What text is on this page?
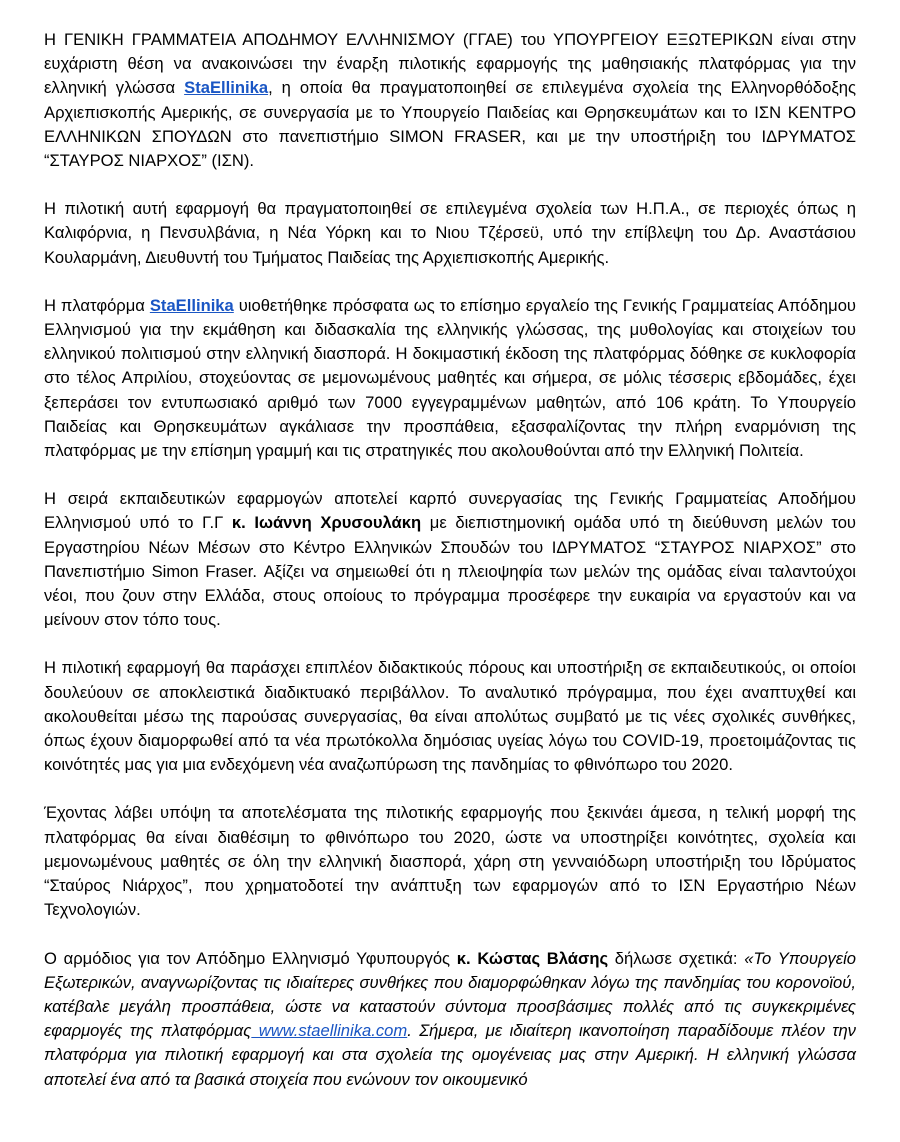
Η ΓΕΝΙΚΗ ΓΡΑΜΜΑΤΕΙΑ ΑΠΟΔΗΜΟΥ ΕΛΛΗΝΙΣΜΟΥ (ΓΓΑΕ) του ΥΠΟΥΡΓΕΙΟΥ ΕΞΩΤΕΡΙΚΩΝ είναι στην ευχάριστη θέση να ανακοινώσει την έναρξη πιλοτικής εφαρμογής της μαθησιακής πλατφόρμας για την ελληνική γλώσσα StaEllinika, η οποία θα πραγματοποιηθεί σε επιλεγμένα σχολεία της Ελληνορθόδοξης Αρχιεπισκοπής Αμερικής, σε συνεργασία με το Υπουργείο Παιδείας και Θρησκευμάτων και το ΙΣΝ ΚΕΝΤΡΟ ΕΛΛΗΝΙΚΩΝ ΣΠΟΥΔΩΝ στο πανεπιστήμιο SIMON FRASER, και με την υποστήριξη του ΙΔΡΥΜΑΤΟΣ “ΣΤΑΥΡΟΣ ΝΙΑΡΧΟΣ” (ΙΣΝ).

Η πιλοτική αυτή εφαρμογή θα πραγματοποιηθεί σε επιλεγμένα σχολεία των Η.Π.Α., σε περιοχές όπως η Καλιφόρνια, η Πενσυλβάνια, η Νέα Υόρκη και το Νιου Τζέρσεϋ, υπό την επίβλεψη του Δρ. Αναστάσιου Κουλαρμάνη, Διευθυντή του Τμήματος Παιδείας της Αρχιεπισκοπής Αμερικής.

Η πλατφόρμα StaEllinika υιοθετήθηκε πρόσφατα ως το επίσημο εργαλείο της Γενικής Γραμματείας Απόδημου Ελληνισμού για την εκμάθηση και διδασκαλία της ελληνικής γλώσσας, της μυθολογίας και στοιχείων του ελληνικού πολιτισμού στην ελληνική διασπορά. Η δοκιμαστική έκδοση της πλατφόρμας δόθηκε σε κυκλοφορία στο τέλος Απριλίου, στοχεύοντας σε μεμονωμένους μαθητές και σήμερα, σε μόλις τέσσερις εβδομάδες, έχει ξεπεράσει τον εντυπωσιακό αριθμό των 7000 εγγεγραμμένων μαθητών, από 106 κράτη. Το Υπουργείο Παιδείας και Θρησκευμάτων αγκάλιασε την προσπάθεια, εξασφαλίζοντας την πλήρη εναρμόνιση της πλατφόρμας με την επίσημη γραμμή και τις στρατηγικές που ακολουθούνται από την Ελληνική Πολιτεία.

Η σειρά εκπαιδευτικών εφαρμογών αποτελεί καρπό συνεργασίας της Γενικής Γραμματείας Αποδήμου Ελληνισμού υπό το Γ.Γ κ. Ιωάννη Χρυσουλάκη με διεπιστημονική ομάδα υπό τη διεύθυνση μελών του Εργαστηρίου Νέων Μέσων στο Κέντρο Ελληνικών Σπουδών του ΙΔΡΥΜΑΤΟΣ “ΣΤΑΥΡΟΣ ΝΙΑΡΧΟΣ” στο Πανεπιστήμιο Simon Fraser. Αξίζει να σημειωθεί ότι η πλειοψηφία των μελών της ομάδας είναι ταλαντούχοι νέοι, που ζουν στην Ελλάδα, στους οποίους το πρόγραμμα προσέφερε την ευκαιρία να εργαστούν και να μείνουν στον τόπο τους.

Η πιλοτική εφαρμογή θα παράσχει επιπλέον διδακτικούς πόρους και υποστήριξη σε εκπαιδευτικούς, οι οποίοι δουλεύουν σε αποκλειστικά διαδικτυακό περιβάλλον. Το αναλυτικό πρόγραμμα, που έχει αναπτυχθεί και ακολουθείται μέσω της παρούσας συνεργασίας, θα είναι απολύτως συμβατό με τις νέες σχολικές συνθήκες, όπως έχουν διαμορφωθεί από τα νέα πρωτόκολλα δημόσιας υγείας λόγω του COVID-19, προετοιμάζοντας τις κοινότητές μας για μια ενδεχόμενη νέα αναζωπύρωση της πανδημίας το φθινόπωρο του 2020.

Έχοντας λάβει υπόψη τα αποτελέσματα της πιλοτικής εφαρμογής που ξεκινάει άμεσα, η τελική μορφή της πλατφόρμας θα είναι διαθέσιμη το φθινόπωρο του 2020, ώστε να υποστηρίξει κοινότητες, σχολεία και μεμονωμένους μαθητές σε όλη την ελληνική διασπορά, χάρη στη γενναιόδωρη υποστήριξη του Ιδρύματος “Σταύρος Νιάρχος”, που χρηματοδοτεί την ανάπτυξη των εφαρμογών από το ΙΣΝ Εργαστήριο Νέων Τεχνολογιών.

Ο αρμόδιος για τον Απόδημο Ελληνισμό Υφυπουργός κ. Κώστας Βλάσης δήλωσε σχετικά: «Το Υπουργείο Εξωτερικών, αναγνωρίζοντας τις ιδιαίτερες συνθήκες που διαμορφώθηκαν λόγω της πανδημίας του κορονοϊού, κατέβαλε μεγάλη προσπάθεια, ώστε να καταστούν σύντομα προσβάσιμες πολλές από τις συγκεκριμένες εφαρμογές της πλατφόρμας www.staellinika.com. Σήμερα, με ιδιαίτερη ικανοποίηση παραδίδουμε πλέον την πλατφόρμα για πιλοτική εφαρμογή και στα σχολεία της ομογένειας μας στην Αμερική. Η ελληνική γλώσσα αποτελεί ένα από τα βασικά στοιχεία που ενώνουν τον οικουμενικό
